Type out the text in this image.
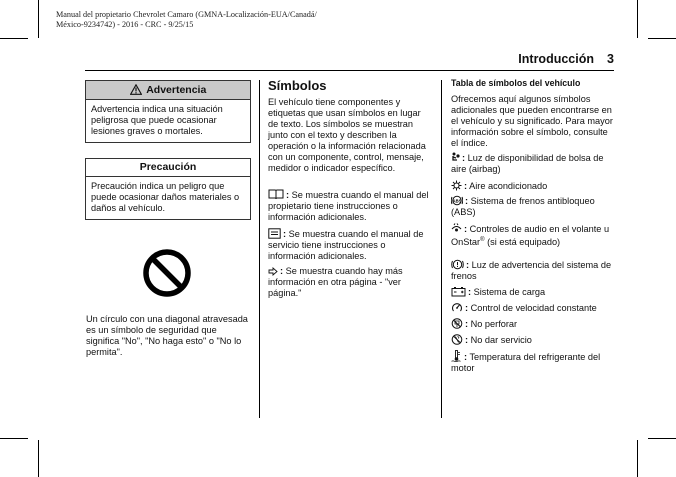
Manual del propietario Chevrolet Camaro (GMNA-Localización-EUA/Canadá/
México-9234742) - 2016 - CRC - 9/25/15
Introducción 3
Advertencia
Advertencia indica una situación peligrosa que puede ocasionar lesiones graves o mortales.
Precaución
Precaución indica un peligro que puede ocasionar daños materiales o daños al vehículo.
Un círculo con una diagonal atravesada es un símbolo de seguridad que significa "No", "No haga esto" o "No lo permita".
Símbolos
El vehículo tiene componentes y etiquetas que usan símbolos en lugar de texto. Los símbolos se muestran junto con el texto y describen la operación o la información relacionada con un componente, control, mensaje, medidor o indicador específico.
: Se muestra cuando el manual del propietario tiene instrucciones o información adicionales.
: Se muestra cuando el manual de servicio tiene instrucciones o información adicionales.
: Se muestra cuando hay más información en otra página - "ver página."
Tabla de símbolos del vehículo
Ofrecemos aquí algunos símbolos adicionales que pueden encontrarse en el vehículo y su significado. Para mayor información sobre el símbolo, consulte el índice.
: Luz de disponibilidad de bolsa de aire (airbag)
: Aire acondicionado
ABS : Sistema de frenos antibloqueo (ABS)
: Controles de audio en el volante u OnStar® (si está equipado)
: Luz de advertencia del sistema de frenos
: Sistema de carga
: Control de velocidad constante
: No perforar
: No dar servicio
: Temperatura del refrigerante del motor
